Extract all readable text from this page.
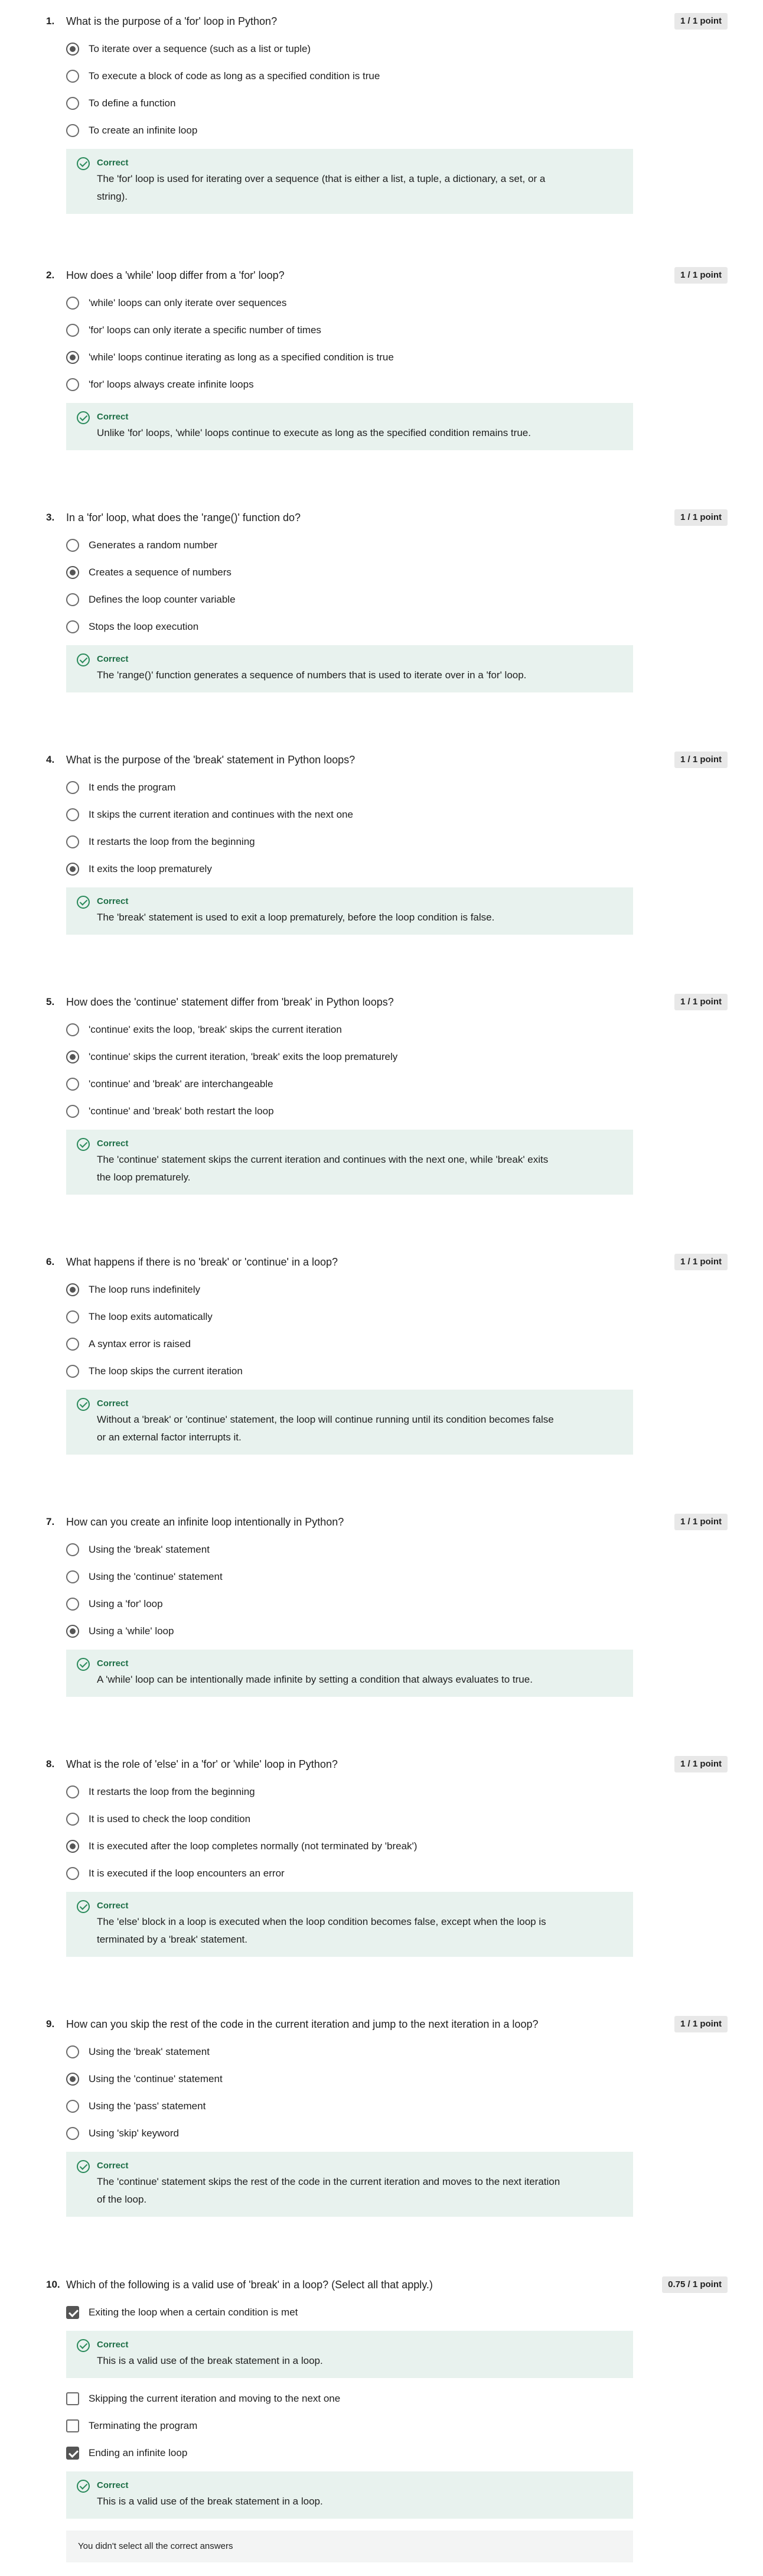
1.	What is the purpose of a 'for' loop in Python?	1 / 1 point
To iterate over a sequence (such as a list or tuple)
To execute a block of code as long as a specified condition is true
To define a function
To create an infinite loop
Correct
The 'for' loop is used for iterating over a sequence (that is either a list, a tuple, a dictionary, a set, or a
string).
2.	How does a 'while' loop differ from a 'for' loop?	1 / 1 point
'while' loops can only iterate over sequences
'for' loops can only iterate a specific number of times
'while' loops continue iterating as long as a specified condition is true
'for' loops always create infinite loops
Correct
Unlike 'for' loops, 'while' loops continue to execute as long as the specified condition remains true.
3.	In a 'for' loop, what does the 'range()' function do?	1 / 1 point
Generates a random number
Creates a sequence of numbers
Defines the loop counter variable
Stops the loop execution
Correct
The 'range()' function generates a sequence of numbers that is used to iterate over in a 'for' loop.
4.	What is the purpose of the 'break' statement in Python loops?	1 / 1 point
It ends the program
It skips the current iteration and continues with the next one
It restarts the loop from the beginning
It exits the loop prematurely
Correct
The 'break' statement is used to exit a loop prematurely, before the loop condition is false.
5.	How does the 'continue' statement differ from 'break' in Python loops?	1 / 1 point
'continue' exits the loop, 'break' skips the current iteration
'continue' skips the current iteration, 'break' exits the loop prematurely
'continue' and 'break' are interchangeable
'continue' and 'break' both restart the loop
Correct
The 'continue' statement skips the current iteration and continues with the next one, while 'break' exits
the loop prematurely.
6.	What happens if there is no 'break' or 'continue' in a loop?	1 / 1 point
The loop runs indefinitely
The loop exits automatically
A syntax error is raised
The loop skips the current iteration
Correct
Without a 'break' or 'continue' statement, the loop will continue running until its condition becomes false
or an external factor interrupts it.
7.	How can you create an infinite loop intentionally in Python?	1 / 1 point
Using the 'break' statement
Using the 'continue' statement
Using a 'for' loop
Using a 'while' loop
Correct
A 'while' loop can be intentionally made infinite by setting a condition that always evaluates to true.
8.	What is the role of 'else' in a 'for' or 'while' loop in Python?	1 / 1 point
It restarts the loop from the beginning
It is used to check the loop condition
It is executed after the loop completes normally (not terminated by 'break')
It is executed if the loop encounters an error
Correct
The 'else' block in a loop is executed when the loop condition becomes false, except when the loop is
terminated by a 'break' statement.
9.	How can you skip the rest of the code in the current iteration and jump to the next iteration in a loop?	1 / 1 point
Using the 'break' statement
Using the 'continue' statement
Using the 'pass' statement
Using 'skip' keyword
Correct
The 'continue' statement skips the rest of the code in the current iteration and moves to the next iteration
of the loop.
10. Which of the following is a valid use of 'break' in a loop? (Select all that apply.)	0.75 / 1 point
Exiting the loop when a certain condition is met
Correct
This is a valid use of the break statement in a loop.
Skipping the current iteration and moving to the next one
Terminating the program
Ending an infinite loop
Correct
This is a valid use of the break statement in a loop.
You didn't select all the correct answers
